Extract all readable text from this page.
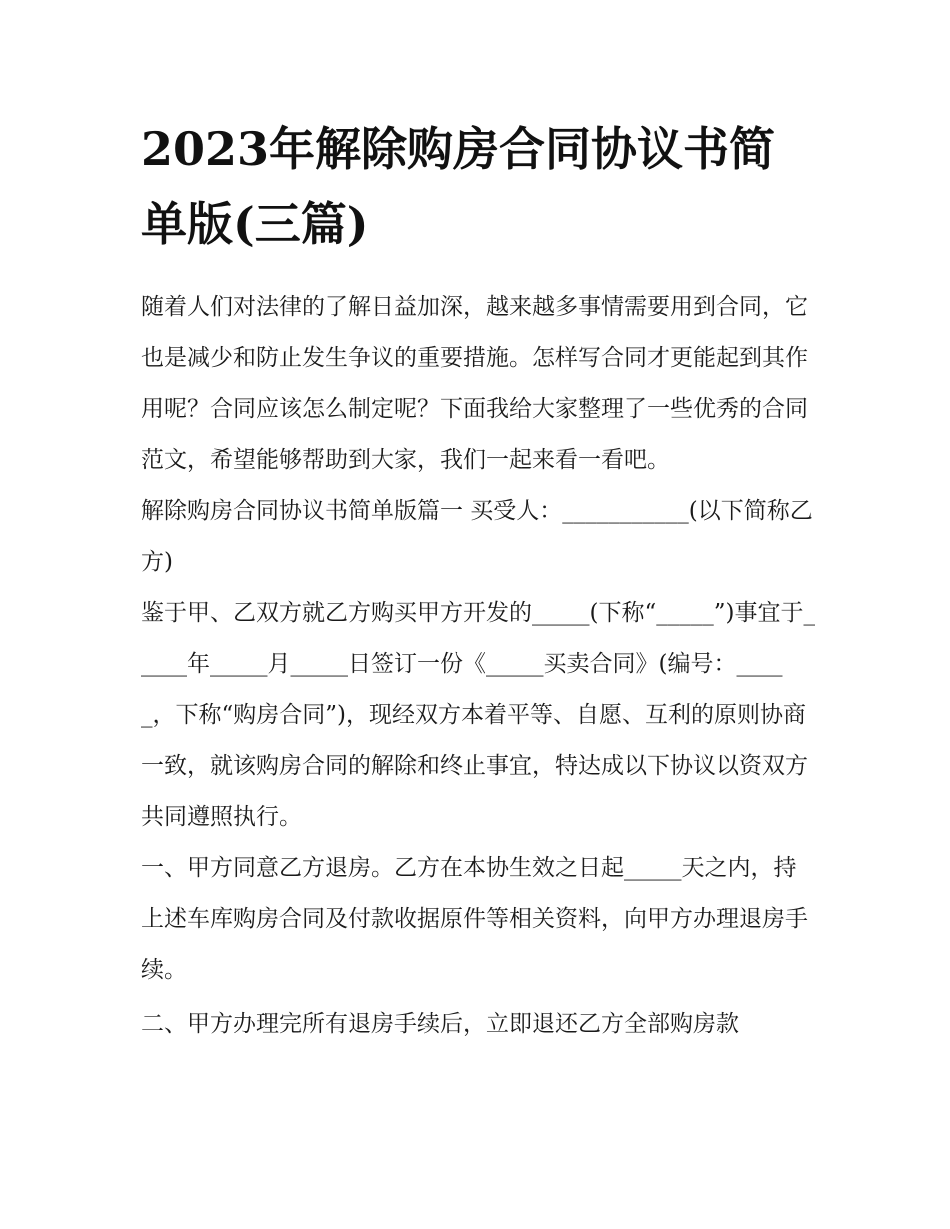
2023年解除购房合同协议书简单版(三篇)

随着人们对法律的了解日益加深，越来越多事情需要用到合同，它也是减少和防止发生争议的重要措施。怎样写合同才更能起到其作用呢？合同应该怎么制定呢？下面我给大家整理了一些优秀的合同范文，希望能够帮助到大家，我们一起来看一看吧。

解除购房合同协议书简单版篇一 买受人：___________(以下简称乙方)

鉴于甲、乙双方就乙方购买甲方开发的_____(下称“_____”)事宜于_____年_____月_____日签订一份《_____买卖合同》(编号：_____，下称“购房合同”)，现经双方本着平等、自愿、互利的原则协商一致，就该购房合同的解除和终止事宜，特达成以下协议以资双方共同遵照执行。

一、甲方同意乙方退房。乙方在本协生效之日起_____天之内，持上述车库购房合同及付款收据原件等相关资料，向甲方办理退房手续。

二、甲方办理完所有退房手续后，立即退还乙方全部购房款
